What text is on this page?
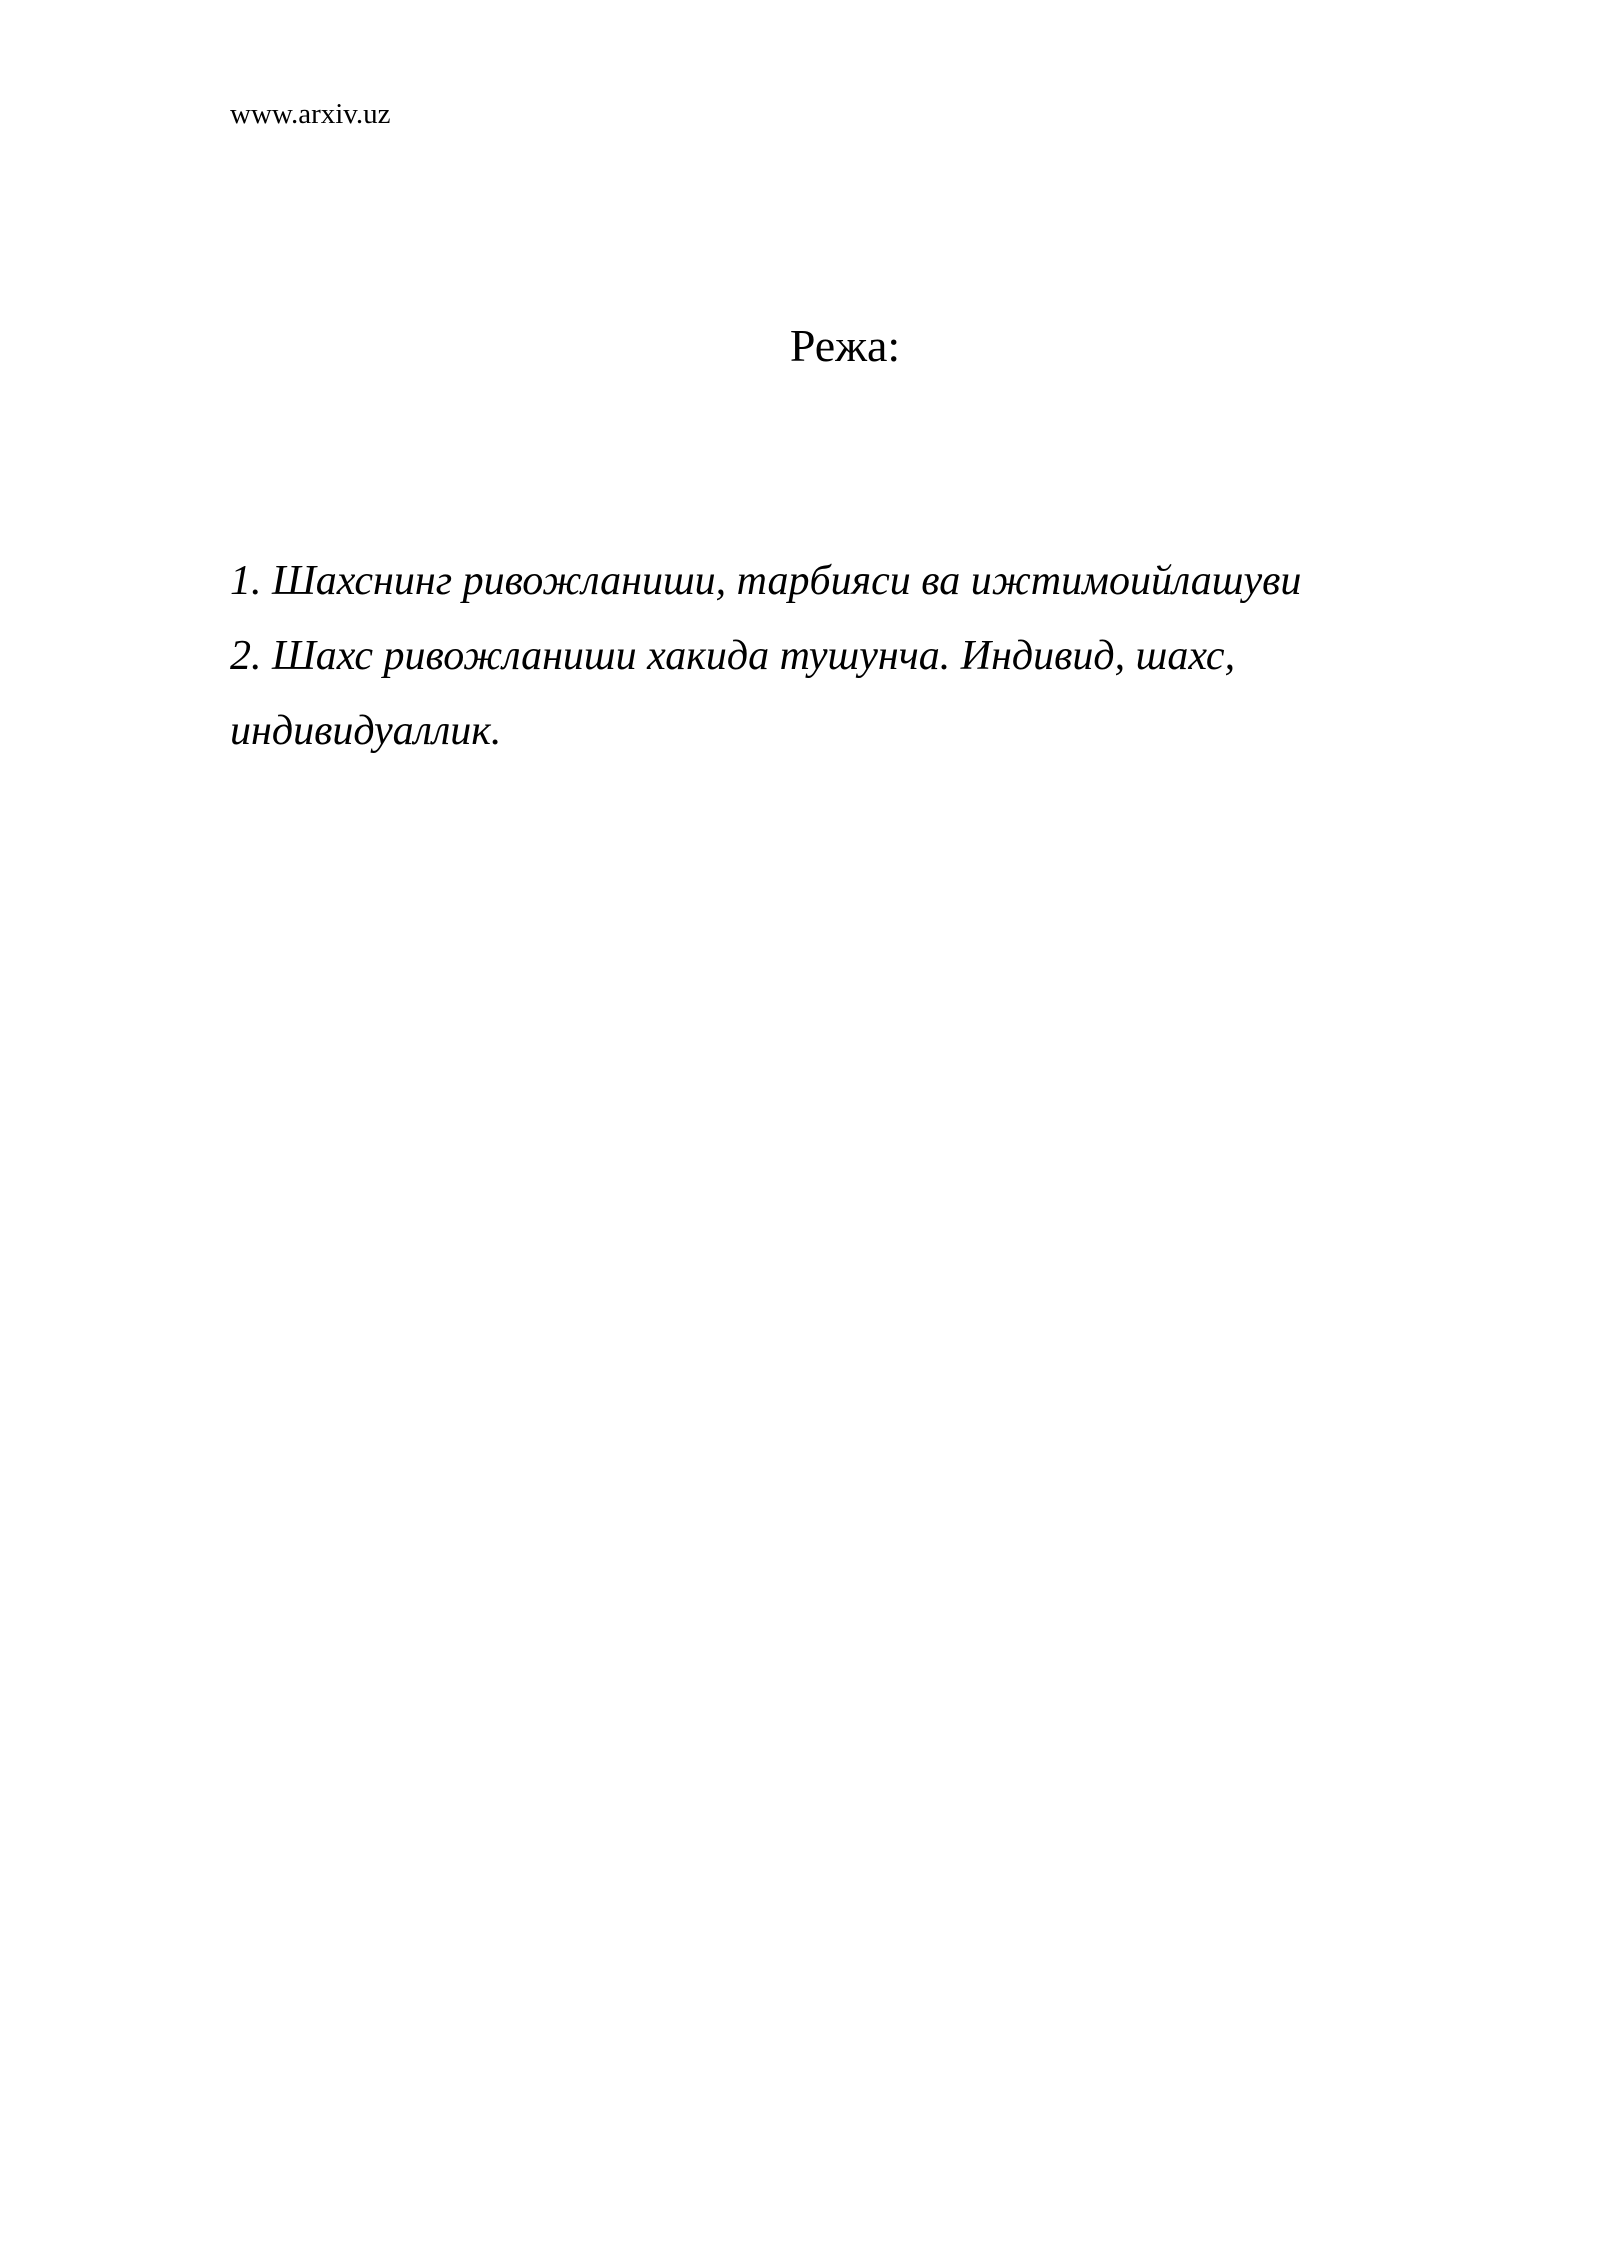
www.arxiv.uz
Режа:
1. Шахснинг ривожланиши, тарбияси ва ижтимоийлашуви
2. Шахс ривожланиши хакида тушунча. Индивид, шахс, индивидуаллик.
